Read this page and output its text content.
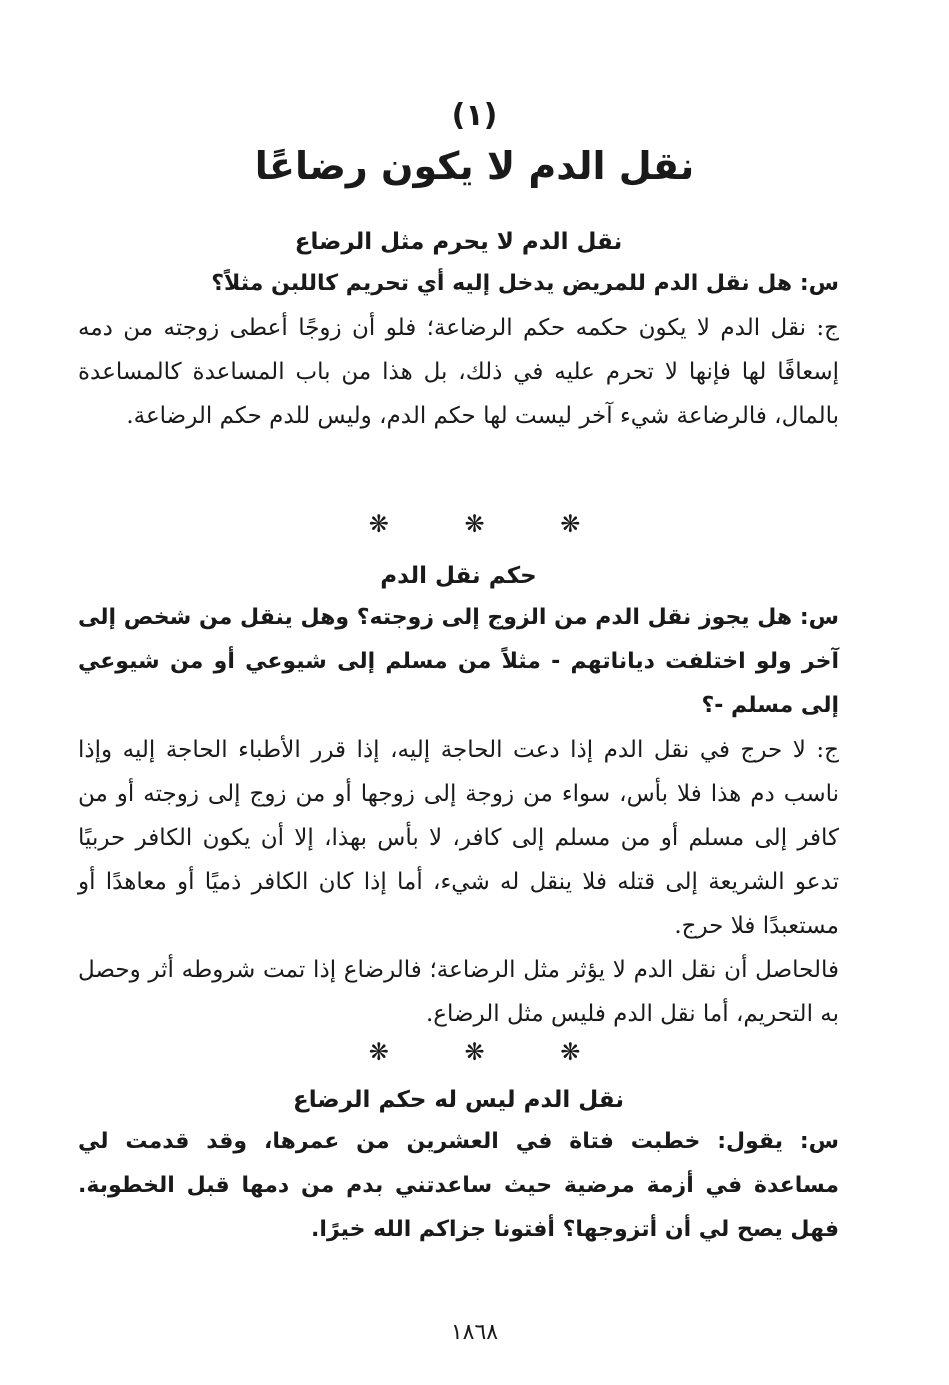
(١)
نقل الدم لا يكون رضاعًا
نقل الدم لا يحرم مثل الرضاع

س: هل نقل الدم للمريض يدخل إليه أي تحريم كاللبن مثلاً؟

ج: نقل الدم لا يكون حكمه حكم الرضاعة؛ فلو أن زوجًا أعطى زوجته من دمه إسعافًا لها فإنها لا تحرم عليه في ذلك، بل هذا من باب المساعدة كالمساعدة بالمال، فالرضاعة شيء آخر ليست لها حكم الدم، وليس للدم حكم الرضاعة.

❋	❋	❋
حكم نقل الدم

س: هل يجوز نقل الدم من الزوج إلى زوجته؟ وهل ينقل من شخص إلى آخر ولو اختلفت دياناتهم - مثلاً من مسلم إلى شيوعي أو من شيوعي إلى مسلم -؟

ج: لا حرج في نقل الدم إذا دعت الحاجة إليه، إذا قرر الأطباء الحاجة إليه وإذا ناسب دم هذا فلا بأس، سواء من زوجة إلى زوجها أو من زوج إلى زوجته أو من كافر إلى مسلم أو من مسلم إلى كافر، لا بأس بهذا، إلا أن يكون الكافر حربيًا تدعو الشريعة إلى قتله فلا ينقل له شيء، أما إذا كان الكافر ذميًا أو معاهدًا أو مستعبدًا فلا حرج.

فالحاصل أن نقل الدم لا يؤثر مثل الرضاعة؛ فالرضاع إذا تمت شروطه أثر وحصل به التحريم، أما نقل الدم فليس مثل الرضاع.

❋	❋	❋
نقل الدم ليس له حكم الرضاع

س: يقول: خطبت فتاة في العشرين من عمرها، وقد قدمت لي مساعدة في أزمة مرضية حيث ساعدتني بدم من دمها قبل الخطوبة. فهل يصح لي أن أتزوجها؟ أفتونا جزاكم الله خيرًا.

١٨٦٨
